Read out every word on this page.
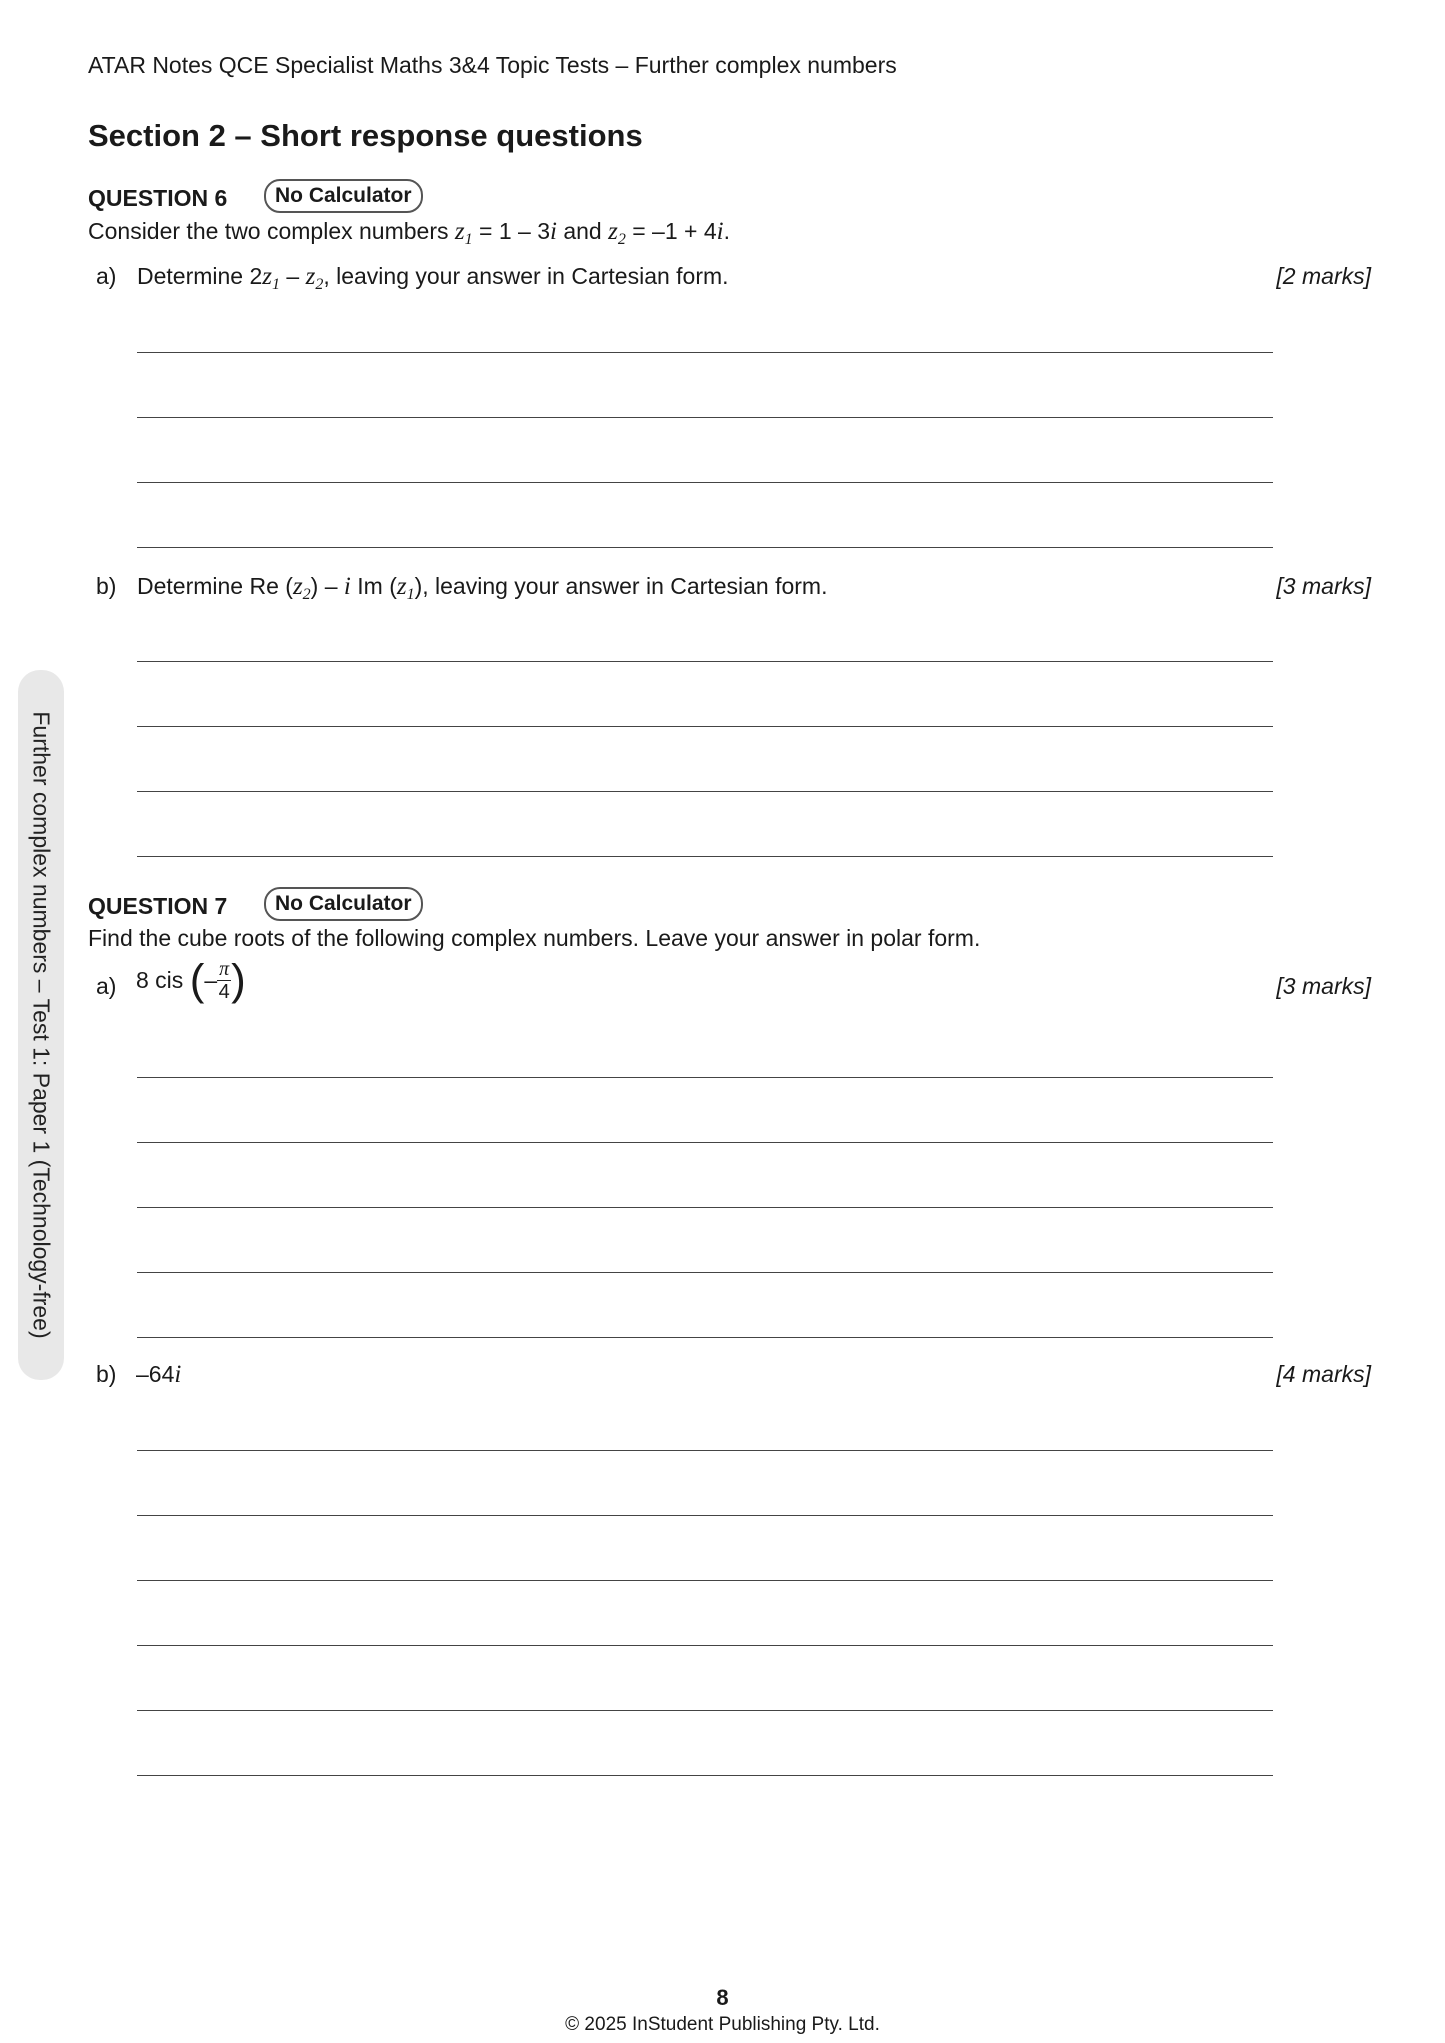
ATAR Notes QCE Specialist Maths 3&4 Topic Tests – Further complex numbers
Section 2 – Short response questions
Further complex numbers – Test 1: Paper 1 (Technology-free)
QUESTION 6	No Calculator
Consider the two complex numbers $z_1 = 1 - 3i$ and $z_2 = -1 + 4i$.
a) Determine $2z_1 - z_2$, leaving your answer in Cartesian form.	[2 marks]
b) Determine Re $(z_2)$ – i Im $(z_1)$, leaving your answer in Cartesian form.	[3 marks]
QUESTION 7	No Calculator
Find the cube roots of the following complex numbers. Leave your answer in polar form.
a) 8 cis (– $\frac{\pi}{4}$ )	[3 marks]
b) –64i	[4 marks]
8
© 2025 InStudent Publishing Pty. Ltd.
